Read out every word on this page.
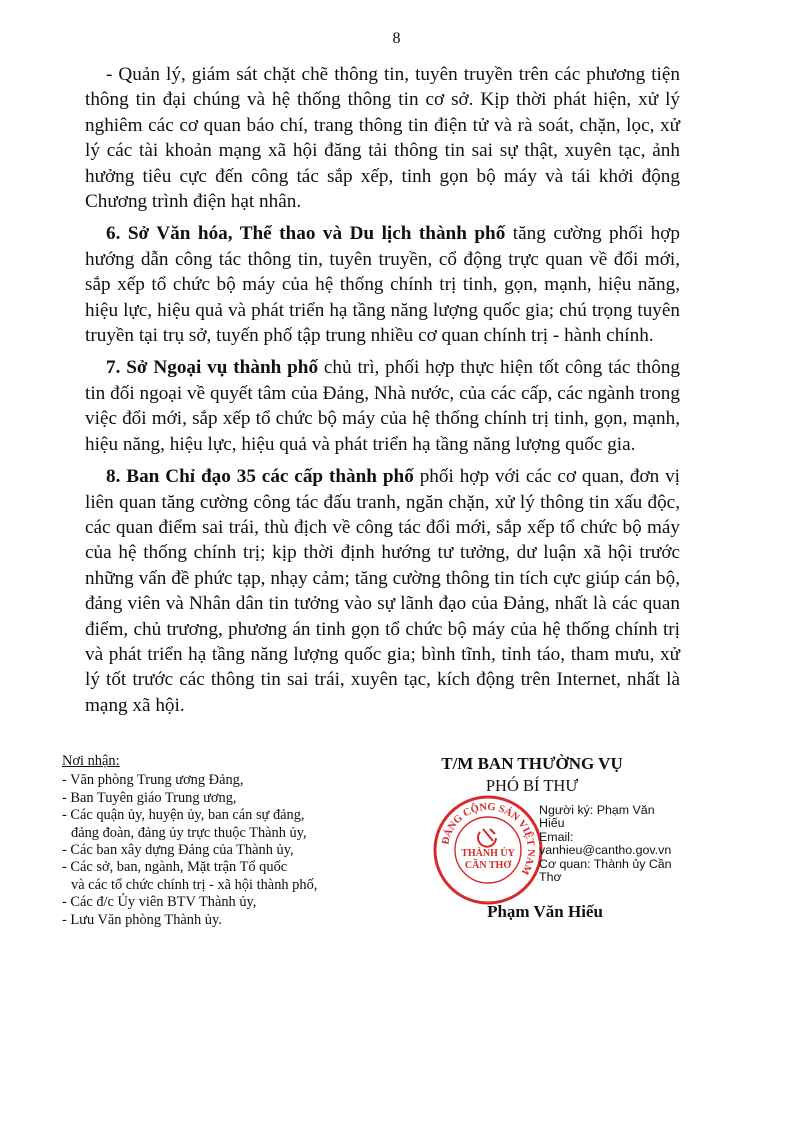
8

- Quản lý, giám sát chặt chẽ thông tin, tuyên truyền trên các phương tiện thông tin đại chúng và hệ thống thông tin cơ sở. Kịp thời phát hiện, xử lý nghiêm các cơ quan báo chí, trang thông tin điện tử và rà soát, chặn, lọc, xử lý các tài khoản mạng xã hội đăng tải thông tin sai sự thật, xuyên tạc, ảnh hưởng tiêu cực đến công tác sắp xếp, tinh gọn bộ máy và tái khởi động Chương trình điện hạt nhân.

6. Sở Văn hóa, Thể thao và Du lịch thành phố tăng cường phối hợp hướng dẫn công tác thông tin, tuyên truyền, cổ động trực quan về đổi mới, sắp xếp tổ chức bộ máy của hệ thống chính trị tinh, gọn, mạnh, hiệu năng, hiệu lực, hiệu quả và phát triển hạ tầng năng lượng quốc gia; chú trọng tuyên truyền tại trụ sở, tuyến phố tập trung nhiều cơ quan chính trị - hành chính.

7. Sở Ngoại vụ thành phố chủ trì, phối hợp thực hiện tốt công tác thông tin đối ngoại về quyết tâm của Đảng, Nhà nước, của các cấp, các ngành trong việc đổi mới, sắp xếp tổ chức bộ máy của hệ thống chính trị tinh, gọn, mạnh, hiệu năng, hiệu lực, hiệu quả và phát triển hạ tầng năng lượng quốc gia.

8. Ban Chỉ đạo 35 các cấp thành phố phối hợp với các cơ quan, đơn vị liên quan tăng cường công tác đấu tranh, ngăn chặn, xử lý thông tin xấu độc, các quan điểm sai trái, thù địch về công tác đổi mới, sắp xếp tổ chức bộ máy của hệ thống chính trị; kịp thời định hướng tư tưởng, dư luận xã hội trước những vấn đề phức tạp, nhạy cảm; tăng cường thông tin tích cực giúp cán bộ, đảng viên và Nhân dân tin tưởng vào sự lãnh đạo của Đảng, nhất là các quan điểm, chủ trương, phương án tinh gọn tổ chức bộ máy của hệ thống chính trị và phát triển hạ tầng năng lượng quốc gia; bình tĩnh, tỉnh táo, tham mưu, xử lý tốt trước các thông tin sai trái, xuyên tạc, kích động trên Internet, nhất là mạng xã hội.

Nơi nhận:
- Văn phòng Trung ương Đảng,
- Ban Tuyên giáo Trung ương,
- Các quận ủy, huyện ủy, ban cán sự đảng,
đảng đoàn, đảng ủy trực thuộc Thành ủy,
- Các ban xây dựng Đảng của Thành ủy,
- Các sở, ban, ngành, Mặt trận Tổ quốc
và các tổ chức chính trị - xã hội thành phố,
- Các đ/c Ủy viên BTV Thành ủy,
- Lưu Văn phòng Thành ủy.
T/M BAN THƯỜNG VỤ
PHÓ BÍ THƯ
ĐẢNG CỘNG SẢN VIỆT NAM
THÀNH ỦY
CẦN THƠ
Người ký: Phạm Văn Hiếu
Email:
vanhieu@cantho.gov.vn
Cơ quan: Thành ủy Cần Thơ
Phạm Văn Hiếu
